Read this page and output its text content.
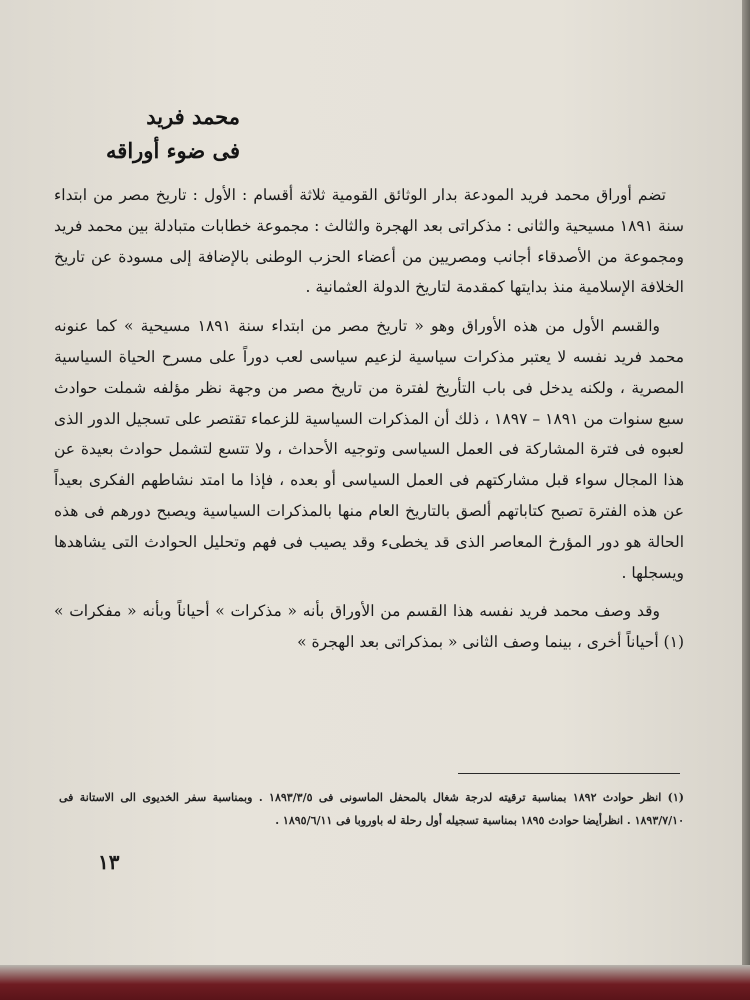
محمد فريد
فى ضوء أوراقه

تضم أوراق محمد فريد المودعة بدار الوثائق القومية ثلاثة أقسام : الأول : تاريخ مصر من ابتداء سنة ١٨٩١ مسيحية والثانى : مذكراتى بعد الهجرة والثالث : مجموعة خطابات متبادلة بين محمد فريد ومجموعة من الأصدقاء أجانب ومصريين من أعضاء الحزب الوطنى بالإضافة إلى مسودة عن تاريخ الخلافة الإسلامية منذ بدايتها كمقدمة لتاريخ الدولة العثمانية .

والقسم الأول من هذه الأوراق وهو « تاريخ مصر من ابتداء سنة ١٨٩١ مسيحية » كما عنونه محمد فريد نفسه لا يعتبر مذكرات سياسية لزعيم سياسى لعب دوراً على مسرح الحياة السياسية المصرية ، ولكنه يدخل فى باب التأريخ لفترة من تاريخ مصر من وجهة نظر مؤلفه شملت حوادث سبع سنوات من ١٨٩١ – ١٨٩٧ ، ذلك أن المذكرات السياسية للزعماء تقتصر على تسجيل الدور الذى لعبوه فى فترة المشاركة فى العمل السياسى وتوجيه الأحداث ، ولا تتسع لتشمل حوادث بعيدة عن هذا المجال سواء قبل مشاركتهم فى العمل السياسى أو بعده ، فإذا ما امتد نشاطهم الفكرى بعيداً عن هذه الفترة تصبح كتاباتهم ألصق بالتاريخ العام منها بالمذكرات السياسية ويصبح دورهم فى هذه الحالة هو دور المؤرخ المعاصر الذى قد يخطىء وقد يصيب فى فهم وتحليل الحوادث التى يشاهدها ويسجلها .

وقد وصف محمد فريد نفسه هذا القسم من الأوراق بأنه « مذكرات » أحياناً وبأنه « مفكرات » (١) أحياناً أخرى ، بينما وصف الثانى « بمذكراتى بعد الهجرة »

(١) انظر حوادث ١٨٩٢ بمناسبة ترقيته لدرجة شغال بالمحفل الماسونى فى ١٨٩٣/٣/٥ . وبمناسبة سفر الخديوى الى الاستانة فى ١٨٩٣/٧/١٠ . انظرأيضا حوادث ١٨٩٥ بمناسبة تسجيله أول رحلة له باوروبا فى ١٨٩٥/٦/١١ .
١٣
